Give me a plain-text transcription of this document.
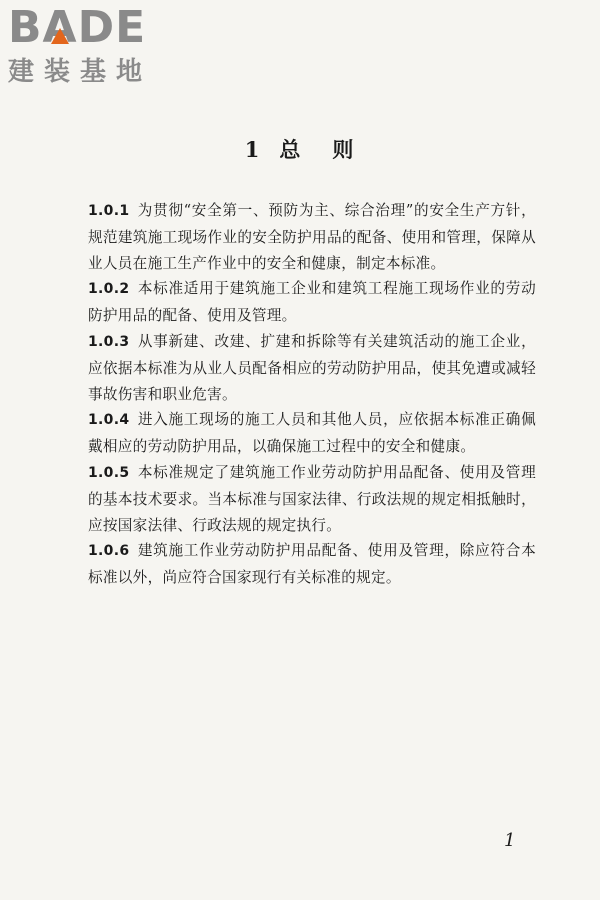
B A DE
建装基地
1 总 则

1.0.1 为贯彻“安全第一、预防为主、综合治理”的安全生产方针，规范建筑施工现场作业的安全防护用品的配备、使用和管理，保障从业人员在施工生产作业中的安全和健康，制定本标准。

1.0.2 本标准适用于建筑施工企业和建筑工程施工现场作业的劳动防护用品的配备、使用及管理。

1.0.3 从事新建、改建、扩建和拆除等有关建筑活动的施工企业，应依据本标准为从业人员配备相应的劳动防护用品，使其免遭或减轻事故伤害和职业危害。

1.0.4 进入施工现场的施工人员和其他人员，应依据本标准正确佩戴相应的劳动防护用品，以确保施工过程中的安全和健康。

1.0.5 本标准规定了建筑施工作业劳动防护用品配备、使用及管理的基本技术要求。当本标准与国家法律、行政法规的规定相抵触时，应按国家法律、行政法规的规定执行。

1.0.6 建筑施工作业劳动防护用品配备、使用及管理，除应符合本标准以外，尚应符合国家现行有关标准的规定。

1
